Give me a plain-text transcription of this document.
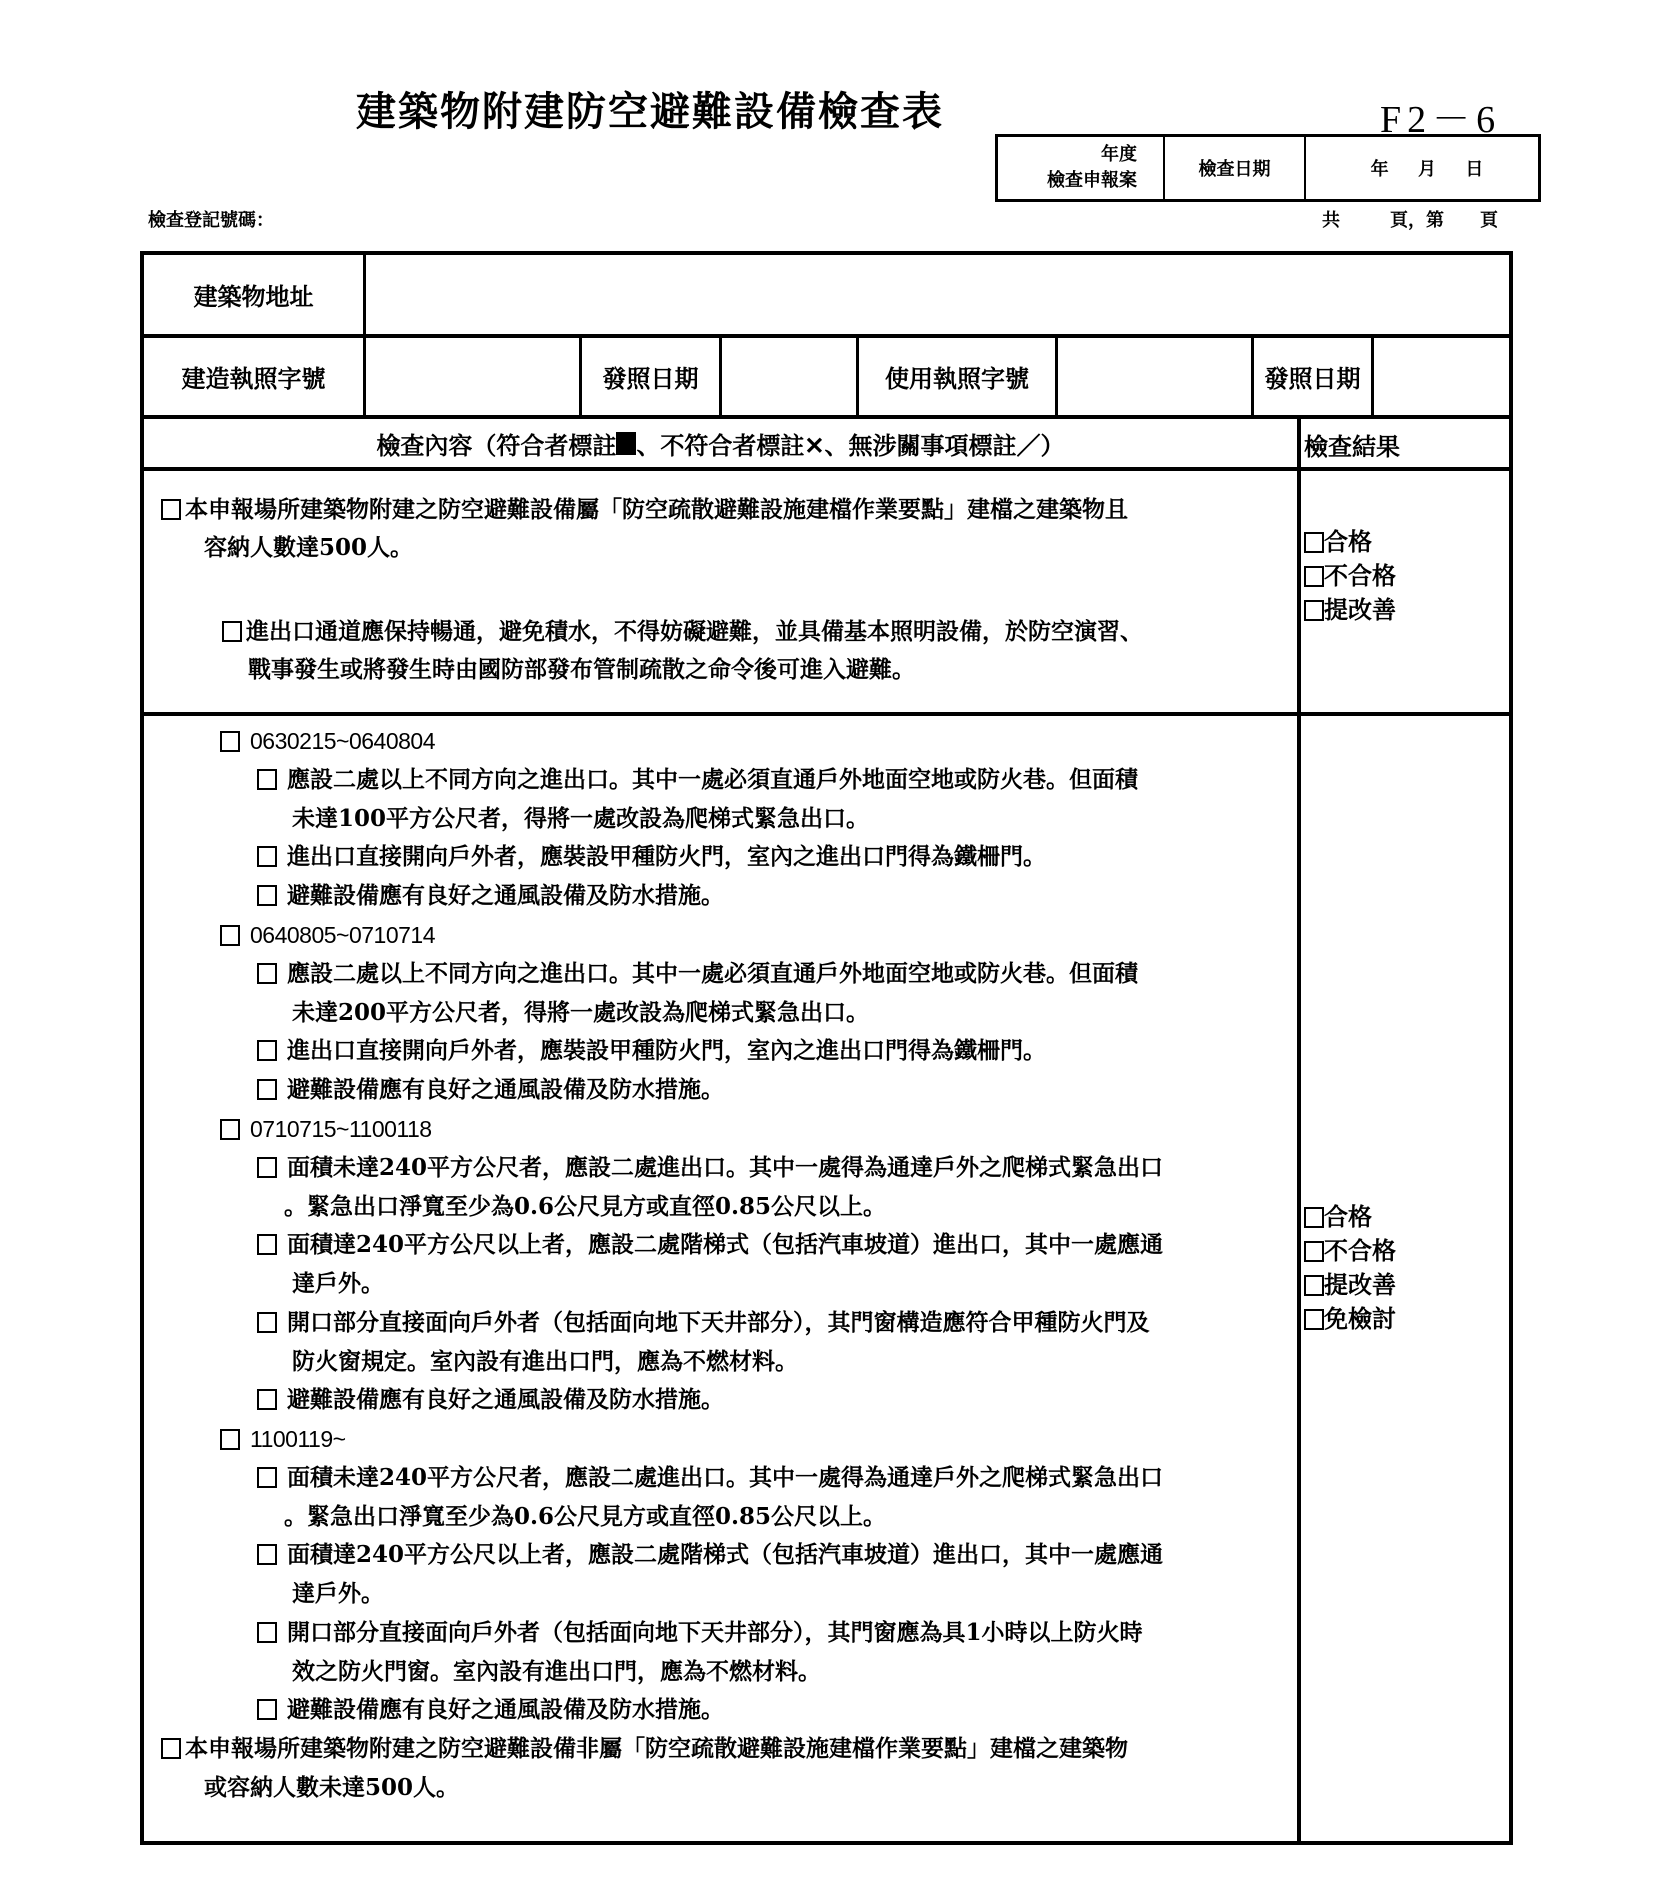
建築物附建防空避難設備檢查表	F2－6
年度
檢查申報案
檢查日期	年 月 日
共	頁，第	頁
檢查登記號碼：
建築物地址
建造執照字號	發照日期	使用執照字號	發照日期
檢查內容（符合者標註 、不符合者標註✕、無涉關事項標註／）	檢查結果
本申報場所建築物附建之防空避難設備屬「防空疏散避難設施建檔作業要點」建檔之建築物且
容納人數達500人。
進出口通道應保持暢通，避免積水，不得妨礙避難，並具備基本照明設備，於防空演習、
戰事發生或將發生時由國防部發布管制疏散之命令後可進入避難。
合格
不合格
提改善
0630215~0640804
應設二處以上不同方向之進出口。其中一處必須直通戶外地面空地或防火巷。但面積
未達100平方公尺者，得將一處改設為爬梯式緊急出口。
進出口直接開向戶外者，應裝設甲種防火門，室內之進出口門得為鐵柵門。
避難設備應有良好之通風設備及防水措施。
0640805~0710714
應設二處以上不同方向之進出口。其中一處必須直通戶外地面空地或防火巷。但面積
未達200平方公尺者，得將一處改設為爬梯式緊急出口。
進出口直接開向戶外者，應裝設甲種防火門，室內之進出口門得為鐵柵門。
避難設備應有良好之通風設備及防水措施。
0710715~1100118
面積未達240平方公尺者，應設二處進出口。其中一處得為通達戶外之爬梯式緊急出口
。緊急出口淨寬至少為0.6公尺見方或直徑0.85公尺以上。
面積達240平方公尺以上者，應設二處階梯式（包括汽車坡道）進出口，其中一處應通
達戶外。
開口部分直接面向戶外者（包括面向地下天井部分），其門窗構造應符合甲種防火門及
防火窗規定。室內設有進出口門，應為不燃材料。
避難設備應有良好之通風設備及防水措施。
1100119~
面積未達240平方公尺者，應設二處進出口。其中一處得為通達戶外之爬梯式緊急出口
。緊急出口淨寬至少為0.6公尺見方或直徑0.85公尺以上。
面積達240平方公尺以上者，應設二處階梯式（包括汽車坡道）進出口，其中一處應通
達戶外。
開口部分直接面向戶外者（包括面向地下天井部分），其門窗應為具1小時以上防火時
效之防火門窗。室內設有進出口門，應為不燃材料。
避難設備應有良好之通風設備及防水措施。
本申報場所建築物附建之防空避難設備非屬「防空疏散避難設施建檔作業要點」建檔之建築物
或容納人數未達500人。
合格
不合格
提改善
免檢討
